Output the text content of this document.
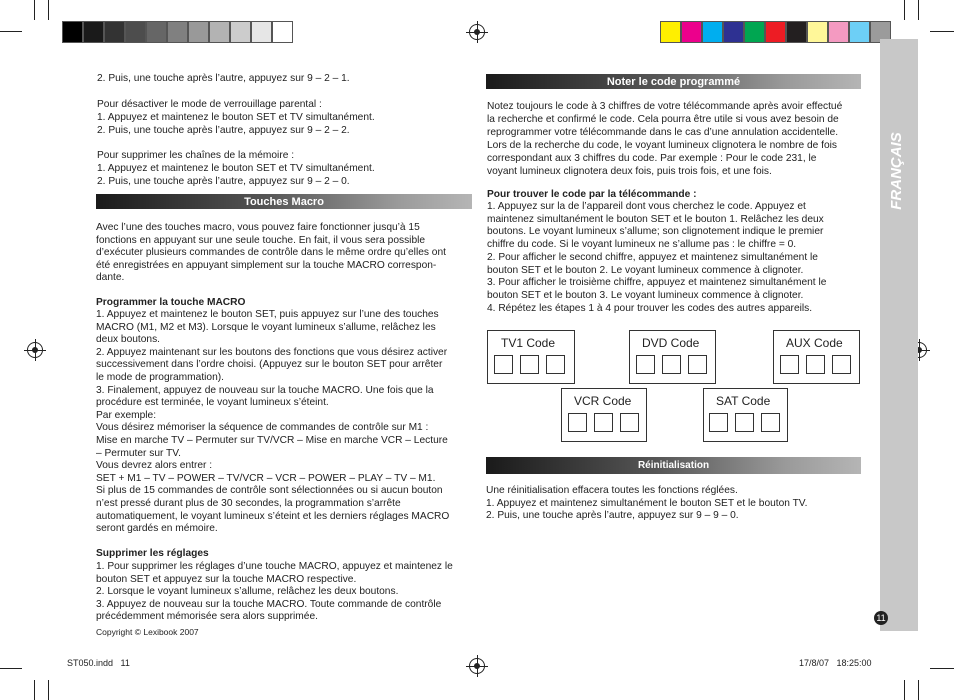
FRANÇAIS
11
2. Puis, une touche après l’autre, appuyez sur 9 – 2 – 1.
Pour désactiver le mode de verrouillage parental :
1. Appuyez et maintenez le bouton SET et TV simultanément.
2. Puis, une touche après l’autre, appuyez sur 9 – 2 – 2.
Pour supprimer les chaînes de la mémoire :
1. Appuyez et maintenez le bouton SET et TV simultanément.
2. Puis, une touche après l’autre, appuyez sur 9 – 2 – 0.
Touches Macro
Avec l’une des touches macro, vous pouvez faire fonctionner jusqu’à 15
fonctions en appuyant sur une seule touche. En fait, il vous sera possible
d’exécuter plusieurs commandes de contrôle dans le même ordre qu’elles ont
été enregistrées en appuyant simplement sur la touche MACRO correspon-
dante.
Programmer la touche MACRO
1. Appuyez et maintenez le bouton SET, puis appuyez sur l’une des touches
MACRO (M1, M2 et M3). Lorsque le voyant lumineux s’allume, relâchez les
deux boutons.
2. Appuyez maintenant sur les boutons des fonctions que vous désirez activer
successivement dans l’ordre choisi. (Appuyez sur le bouton SET pour arrêter
le mode de programmation).
3. Finalement, appuyez de nouveau sur la touche MACRO. Une fois que la
procédure est terminée, le voyant lumineux s’éteint.
Par exemple:
Vous désirez mémoriser la séquence de commandes de contrôle sur M1 :
Mise en marche TV – Permuter sur TV/VCR – Mise en marche VCR – Lecture
– Permuter sur TV.
Vous devrez alors entrer :
SET + M1 – TV – POWER – TV/VCR – VCR – POWER – PLAY – TV – M1.
Si plus de 15 commandes de contrôle sont sélectionnées ou si aucun bouton
n’est pressé durant plus de 30 secondes, la programmation s’arrête
automatiquement, le voyant lumineux s’éteint et les derniers réglages MACRO
seront gardés en mémoire.
Supprimer les réglages
1. Pour supprimer les réglages d’une touche MACRO, appuyez et maintenez le
bouton SET et appuyez sur la touche MACRO respective.
2. Lorsque le voyant lumineux s’allume, relâchez les deux boutons.
3. Appuyez de nouveau sur la touche MACRO. Toute commande de contrôle
précédemment mémorisée sera alors supprimée.
Copyright © Lexibook 2007
Noter le code programmé
Notez toujours le code à 3 chiffres de votre télécommande après avoir effectué
la recherche et confirmé le code. Cela pourra être utile si vous avez besoin de
reprogrammer votre télécommande dans le cas d’une annulation accidentelle.
Lors de la recherche du code, le voyant lumineux clignotera le nombre de fois
correspondant aux 3 chiffres du code. Par exemple : Pour le code 231, le
voyant lumineux clignotera deux fois, puis trois fois, et une fois.
Pour trouver le code par la télécommande :
1. Appuyez sur la de l’appareil dont vous cherchez le code. Appuyez et
maintenez simultanément le bouton SET et le bouton 1. Relâchez les deux
boutons. Le voyant lumineux s’allume; son clignotement indique le premier
chiffre du code. Si le voyant lumineux ne s’allume pas : le chiffre = 0.
2. Pour afficher le second chiffre, appuyez et maintenez simultanément le
bouton SET et le bouton 2. Le voyant lumineux commence à clignoter.
3. Pour afficher le troisième chiffre, appuyez et maintenez simultanément le
bouton SET et le bouton 3. Le voyant lumineux commence à clignoter.
4. Répétez les étapes 1 à 4 pour trouver les codes des autres appareils.
TV1 Code	DVD Code	AUX Code
VCR Code	SAT Code
Réinitialisation
Une réinitialisation effacera toutes les fonctions réglées.
1. Appuyez et maintenez simultanément le bouton SET et le bouton TV.
2. Puis, une touche après l’autre, appuyez sur 9 – 9 – 0.
ST050.indd   11	17/8/07   18:25:00
